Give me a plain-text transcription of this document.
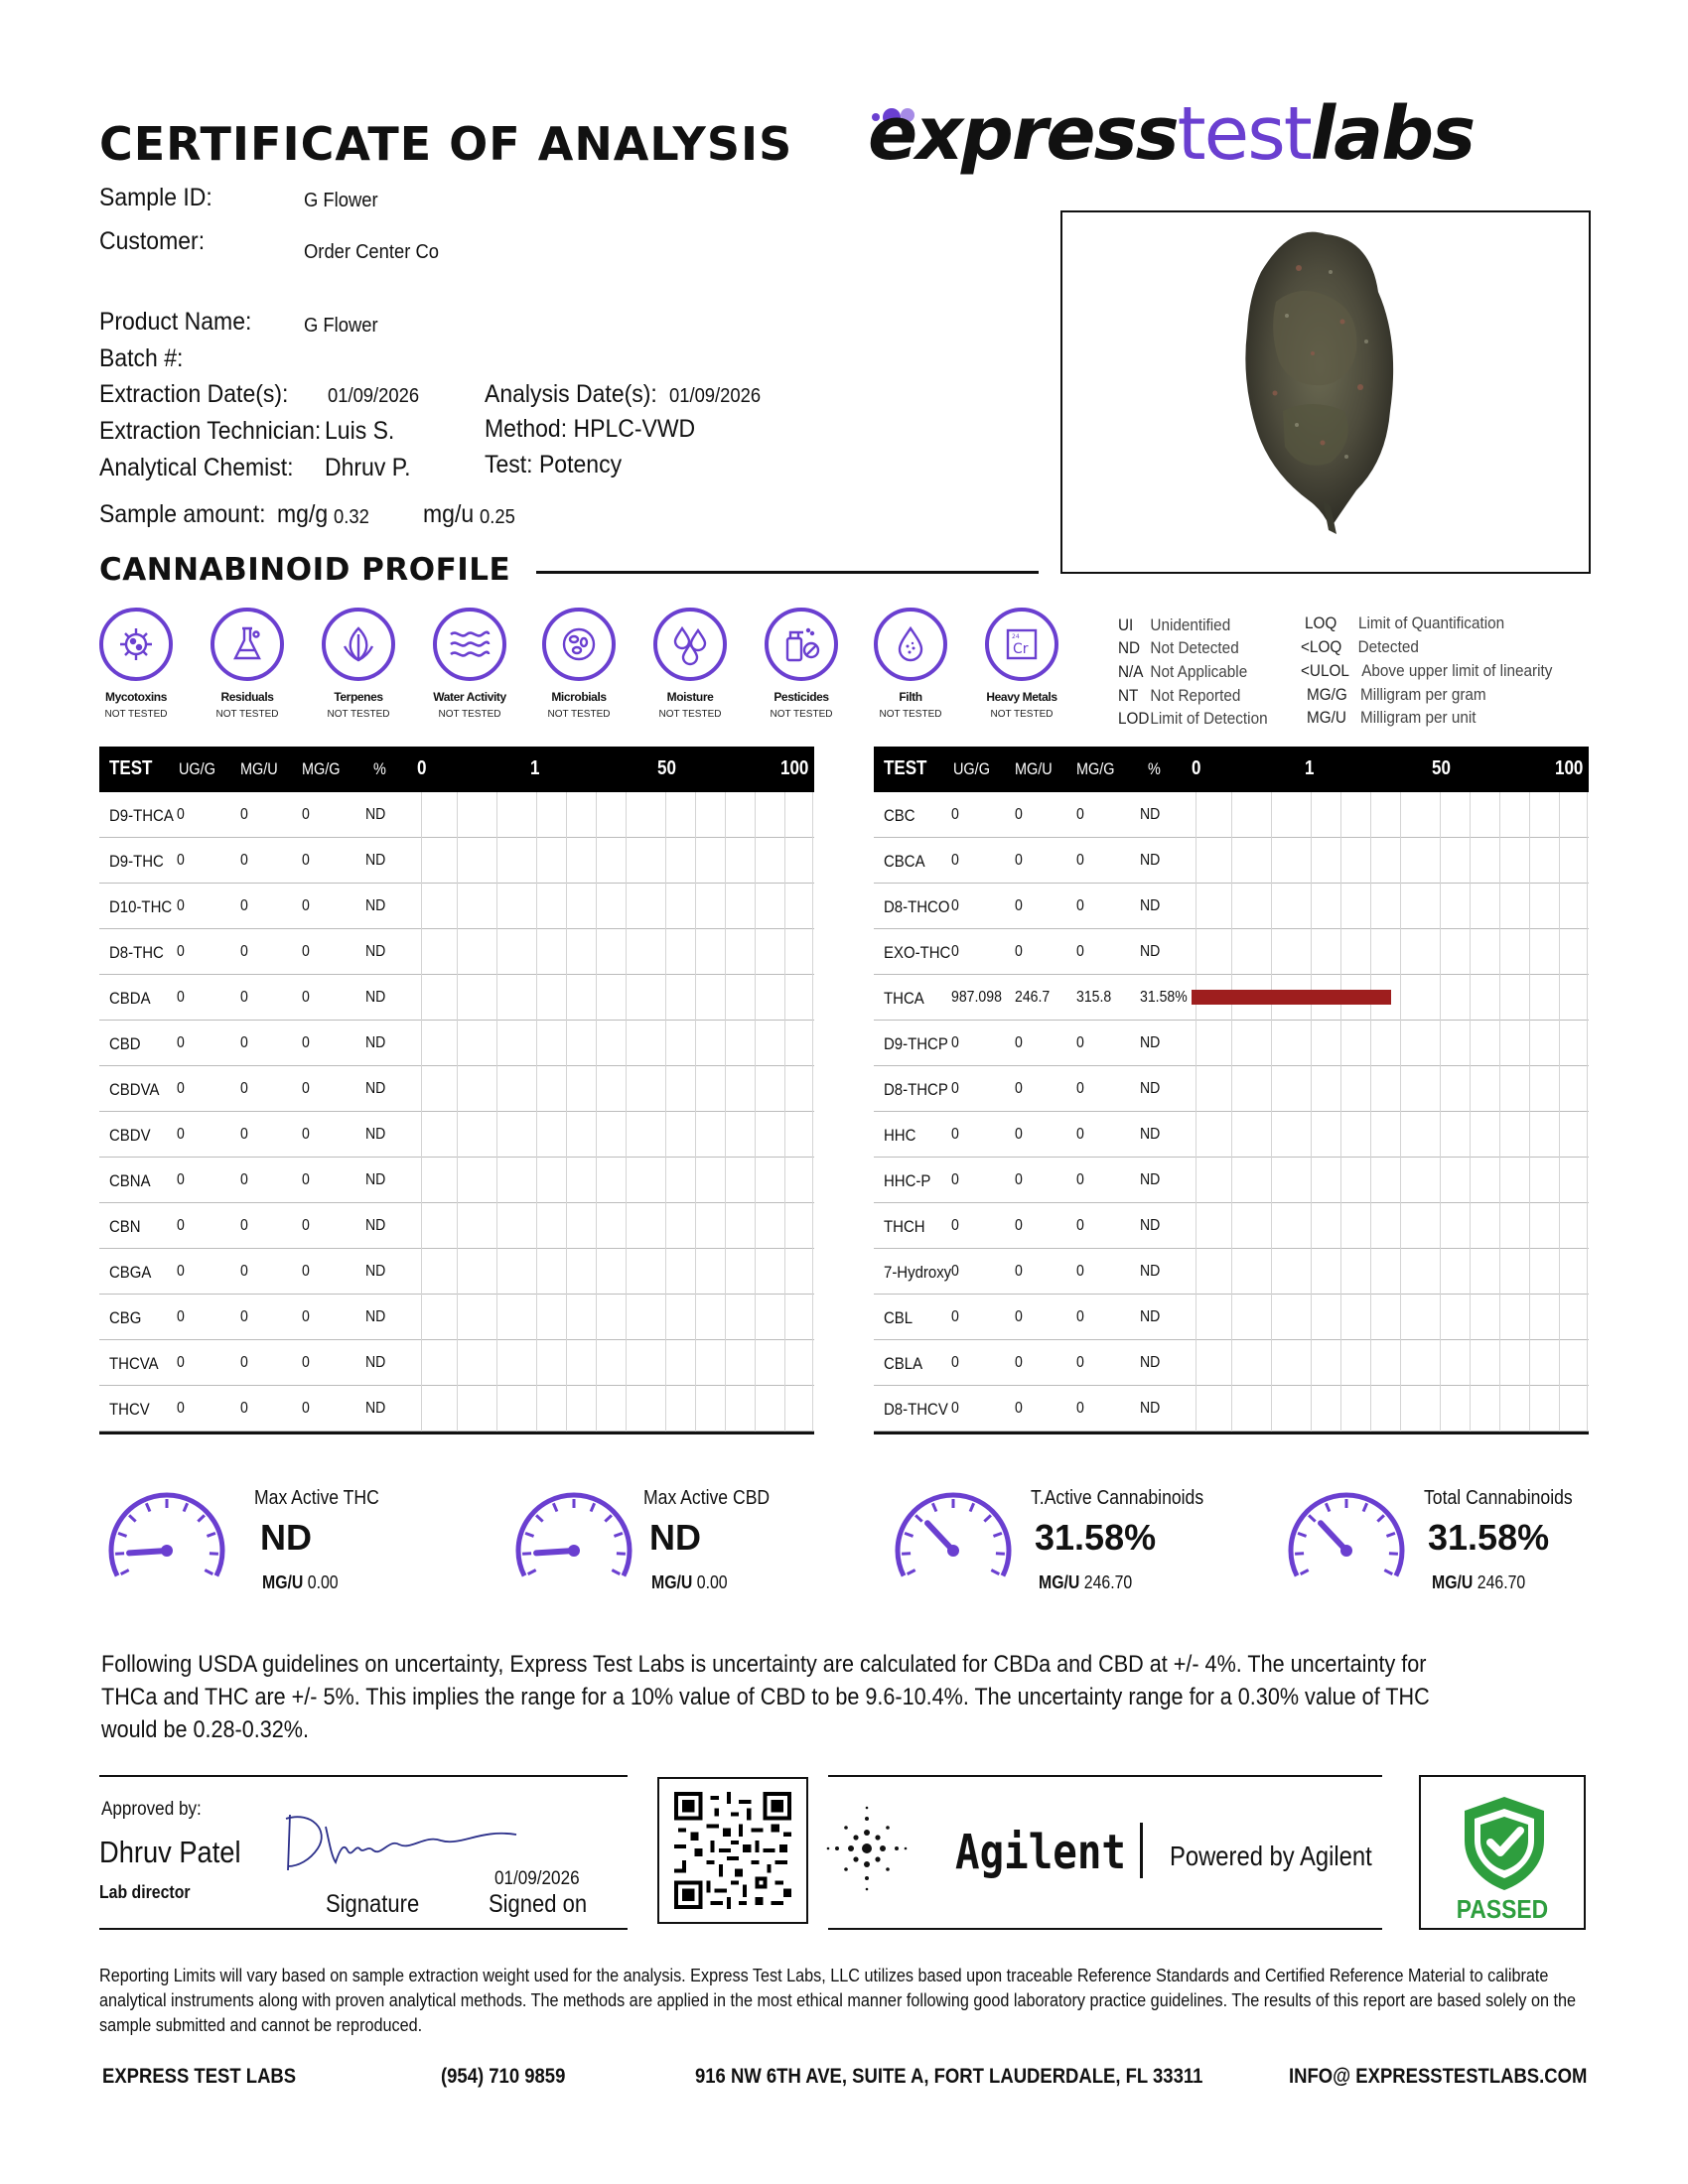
CERTIFICATE OF ANALYSIS expresstestlabs
Sample ID:	G Flower
Customer:	Order Center Co
Product Name:	G Flower
Batch #:
Extraction Date(s): 01/09/2026	Analysis Date(s): 01/09/2026
Extraction Technician: Luis S.	Method: HPLC-VWD
Analytical Chemist: Dhruv P.	Test: Potency
Sample amount: mg/g 0.32 mg/u 0.25
CANNABINOID PROFILE
Mycotoxins
NOT TESTED
Residuals
NOT TESTED
Terpenes
NOT TESTED
Water Activity
NOT TESTED
Microbials
NOT TESTED
Moisture
NOT TESTED
Pesticides
NOT TESTED
Filth
NOT TESTED
24
Cr
Heavy Metals
NOT TESTED
UI Unidentified
ND Not Detected
N/A Not Applicable
NT Not Reported
LODLimit of Detection
LOQ Limit of Quantification
<LOQ Detected
<ULOL Above upper limit of linearity
MG/G Milligram per gram
MG/U Milligram per unit
TEST UG/G MG/U MG/G % 0	1	50	100
D9-THCA 0	0	0	ND
D9-THC 0	0	0	ND
D10-THC 0	0	0	ND
D8-THC 0	0	0	ND
CBDA 0	0	0	ND
CBD 0	0	0	ND
CBDVA 0	0	0	ND
CBDV 0	0	0	ND
CBNA 0	0	0	ND
CBN 0	0	0	ND
CBGA 0	0	0	ND
CBG 0	0	0	ND
THCVA 0	0	0	ND
THCV 0	0	0	ND
TEST UG/G MG/U MG/G % 0	1	50	100
CBC 0	0	0	ND
CBCA 0	0	0	ND
D8-THCO 0	0	0	ND
EXO-THC 0	0	0	ND
THCA 987.098 246.7 315.8 31.58%
D9-THCP 0	0	0	ND
D8-THCP 0	0	0	ND
HHC 0	0	0	ND
HHC-P 0	0	0	ND
THCH 0	0	0	ND
7-Hydroxy 0	0	0	ND
CBL 0	0	0	ND
CBLA 0	0	0	ND
D8-THCV 0	0	0	ND
Max Active THC
ND
MG/U 0.00
Max Active CBD
ND
MG/U 0.00
T.Active Cannabinoids
31.58%
MG/U 246.70
Total Cannabinoids
31.58%
MG/U 246.70
Following USDA guidelines on uncertainty, Express Test Labs is uncertainty are calculated for CBDa and CBD at +/- 4%. The uncertainty for THCa and THC are +/- 5%. This implies the range for a 10% value of CBD to be 9.6-10.4%. The uncertainty range for a 0.30% value of THC would be 0.28-0.32%.
Approved by:
Dhruv Patel
Lab director	Signature
01/09/2026
Signed on
Agilent Powered by Agilent
PASSED
Reporting Limits will vary based on sample extraction weight used for the analysis. Express Test Labs, LLC utilizes based upon traceable Reference Standards and Certified Reference Material to calibrate analytical instruments along with proven analytical methods. The methods are applied in the most ethical manner following good laboratory practice guidelines. The results of this report are based solely on the sample submitted and cannot be reproduced.
EXPRESS TEST LABS	(954) 710 9859	916 NW 6TH AVE, SUITE A, FORT LAUDERDALE, FL 33311	INFO@ EXPRESSTESTLABS.COM
